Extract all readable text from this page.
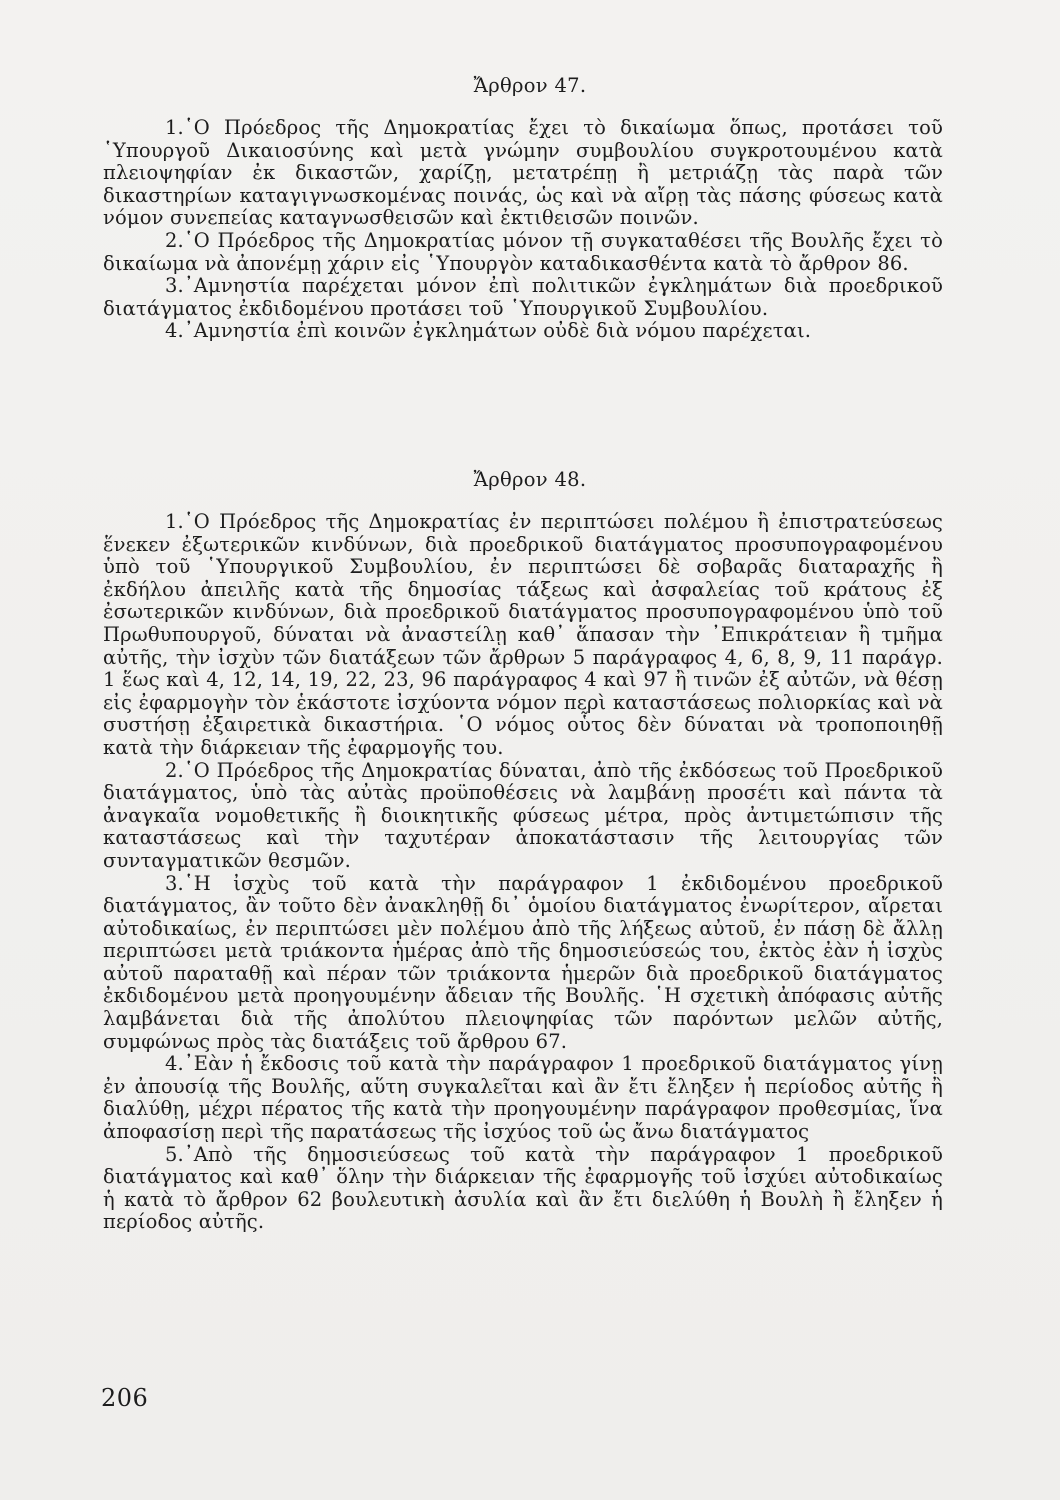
Ἄρθρον 47.

1.῾Ο Πρόεδρος τῆς Δημοκρατίας ἔχει τὸ δικαίωμα ὅπως, προτάσει τοῦ ῾Υπουργοῦ Δικαιοσύνης καὶ μετὰ γνώμην συμβουλίου συγκροτουμένου κατὰ πλειοψηφίαν ἐκ δικαστῶν, χαρίζῃ, μετατρέπῃ ἢ μετριάζῃ τὰς παρὰ τῶν δικαστηρίων καταγιγνωσκομένας ποινάς, ὡς καὶ νὰ αἴρῃ τὰς πάσης φύσεως κατὰ νόμον συνεπείας καταγνωσθεισῶν καὶ ἐκτιθεισῶν ποινῶν.

2.῾Ο Πρόεδρος τῆς Δημοκρατίας μόνον τῇ συγκαταθέσει τῆς Βουλῆς ἔχει τὸ δικαίωμα νὰ ἀπονέμῃ χάριν εἰς ῾Υπουργὸν καταδικασθέντα κατὰ τὸ ἄρθρον 86.

3.᾽Αμνηστία παρέχεται μόνον ἐπὶ πολιτικῶν ἐγκλημάτων διὰ προεδρικοῦ διατάγματος ἐκδιδομένου προτάσει τοῦ ῾Υπουργικοῦ Συμβουλίου.

4.᾽Αμνηστία ἐπὶ κοινῶν ἐγκλημάτων οὐδὲ διὰ νόμου παρέχεται.

Ἄρθρον 48.

1.῾Ο Πρόεδρος τῆς Δημοκρατίας ἐν περιπτώσει πολέμου ἢ ἐπιστρατεύσεως ἕνεκεν ἐξωτερικῶν κινδύνων, διὰ προεδρικοῦ διατάγματος προσυπογραφομένου ὑπὸ τοῦ ῾Υπουργικοῦ Συμβουλίου, ἐν περιπτώσει δὲ σοβαρᾶς διαταραχῆς ἢ ἐκδήλου ἀπειλῆς κατὰ τῆς δημοσίας τάξεως καὶ ἀσφαλείας τοῦ κράτους ἐξ ἐσωτερικῶν κινδύνων, διὰ προεδρικοῦ διατάγματος προσυπογραφομένου ὑπὸ τοῦ Πρωθυπουργοῦ, δύναται νὰ ἀναστείλῃ καθ᾽ ἅπασαν τὴν ᾽Επικράτειαν ἢ τμῆμα αὐτῆς, τὴν ἰσχὺν τῶν διατάξεων τῶν ἄρθρων 5 παράγραφος 4, 6, 8, 9, 11 παράγρ. 1 ἕως καὶ 4, 12, 14, 19, 22, 23, 96 παράγραφος 4 καὶ 97 ἢ τινῶν ἐξ αὐτῶν, νὰ θέσῃ εἰς ἐφαρμογὴν τὸν ἑκάστοτε ἰσχύοντα νόμον περὶ καταστάσεως πολιορκίας καὶ νὰ συστήσῃ ἐξαιρετικὰ δικαστήρια. ῾Ο νόμος οὗτος δὲν δύναται νὰ τροποποιηθῇ κατὰ τὴν διάρκειαν τῆς ἐφαρμογῆς του.

2.῾Ο Πρόεδρος τῆς Δημοκρατίας δύναται, ἀπὸ τῆς ἐκδόσεως τοῦ Προεδρικοῦ διατάγματος, ὑπὸ τὰς αὐτὰς προϋποθέσεις νὰ λαμβάνῃ προσέτι καὶ πάντα τὰ ἀναγκαῖα νομοθετικῆς ἢ διοικητικῆς φύσεως μέτρα, πρὸς ἀντιμετώπισιν τῆς καταστάσεως καὶ τὴν ταχυτέραν ἀποκατάστασιν τῆς λειτουργίας τῶν συνταγματικῶν θεσμῶν.

3.῾Η ἰσχὺς τοῦ κατὰ τὴν παράγραφον 1 ἐκδιδομένου προεδρικοῦ διατάγματος, ἂν τοῦτο δὲν ἀνακληθῇ δι᾽ ὁμοίου διατάγματος ἐνωρίτερον, αἴρεται αὐτοδικαίως, ἐν περιπτώσει μὲν πολέμου ἀπὸ τῆς λήξεως αὐτοῦ, ἐν πάσῃ δὲ ἄλλῃ περιπτώσει μετὰ τριάκοντα ἡμέρας ἀπὸ τῆς δημοσιεύσεώς του, ἐκτὸς ἐὰν ἡ ἰσχὺς αὐτοῦ παραταθῇ καὶ πέραν τῶν τριάκοντα ἡμερῶν διὰ προεδρικοῦ διατάγματος ἐκδιδομένου μετὰ προηγουμένην ἄδειαν τῆς Βουλῆς. ῾Η σχετικὴ ἀπόφασις αὐτῆς λαμβάνεται διὰ τῆς ἀπολύτου πλειοψηφίας τῶν παρόντων μελῶν αὐτῆς, συμφώνως πρὸς τὰς διατάξεις τοῦ ἄρθρου 67.

4.᾽Εὰν ἡ ἔκδοσις τοῦ κατὰ τὴν παράγραφον 1 προεδρικοῦ διατάγματος γίνῃ ἐν ἀπουσίᾳ τῆς Βουλῆς, αὕτη συγκαλεῖται καὶ ἂν ἔτι ἔληξεν ἡ περίοδος αὐτῆς ἢ διαλύθῃ, μέχρι πέρατος τῆς κατὰ τὴν προηγουμένην παράγραφον προθεσμίας, ἵνα ἀποφασίσῃ περὶ τῆς παρατάσεως τῆς ἰσχύος τοῦ ὡς ἄνω διατάγματος

5.᾽Απὸ τῆς δημοσιεύσεως τοῦ κατὰ τὴν παράγραφον 1 προεδρικοῦ διατάγματος καὶ καθ᾽ ὅλην τὴν διάρκειαν τῆς ἐφαρμογῆς τοῦ ἰσχύει αὐτοδικαίως ἡ κατὰ τὸ ἄρθρον 62 βουλευτικὴ ἀσυλία καὶ ἂν ἔτι διελύθη ἡ Βουλὴ ἢ ἔληξεν ἡ περίοδος αὐτῆς.

206
